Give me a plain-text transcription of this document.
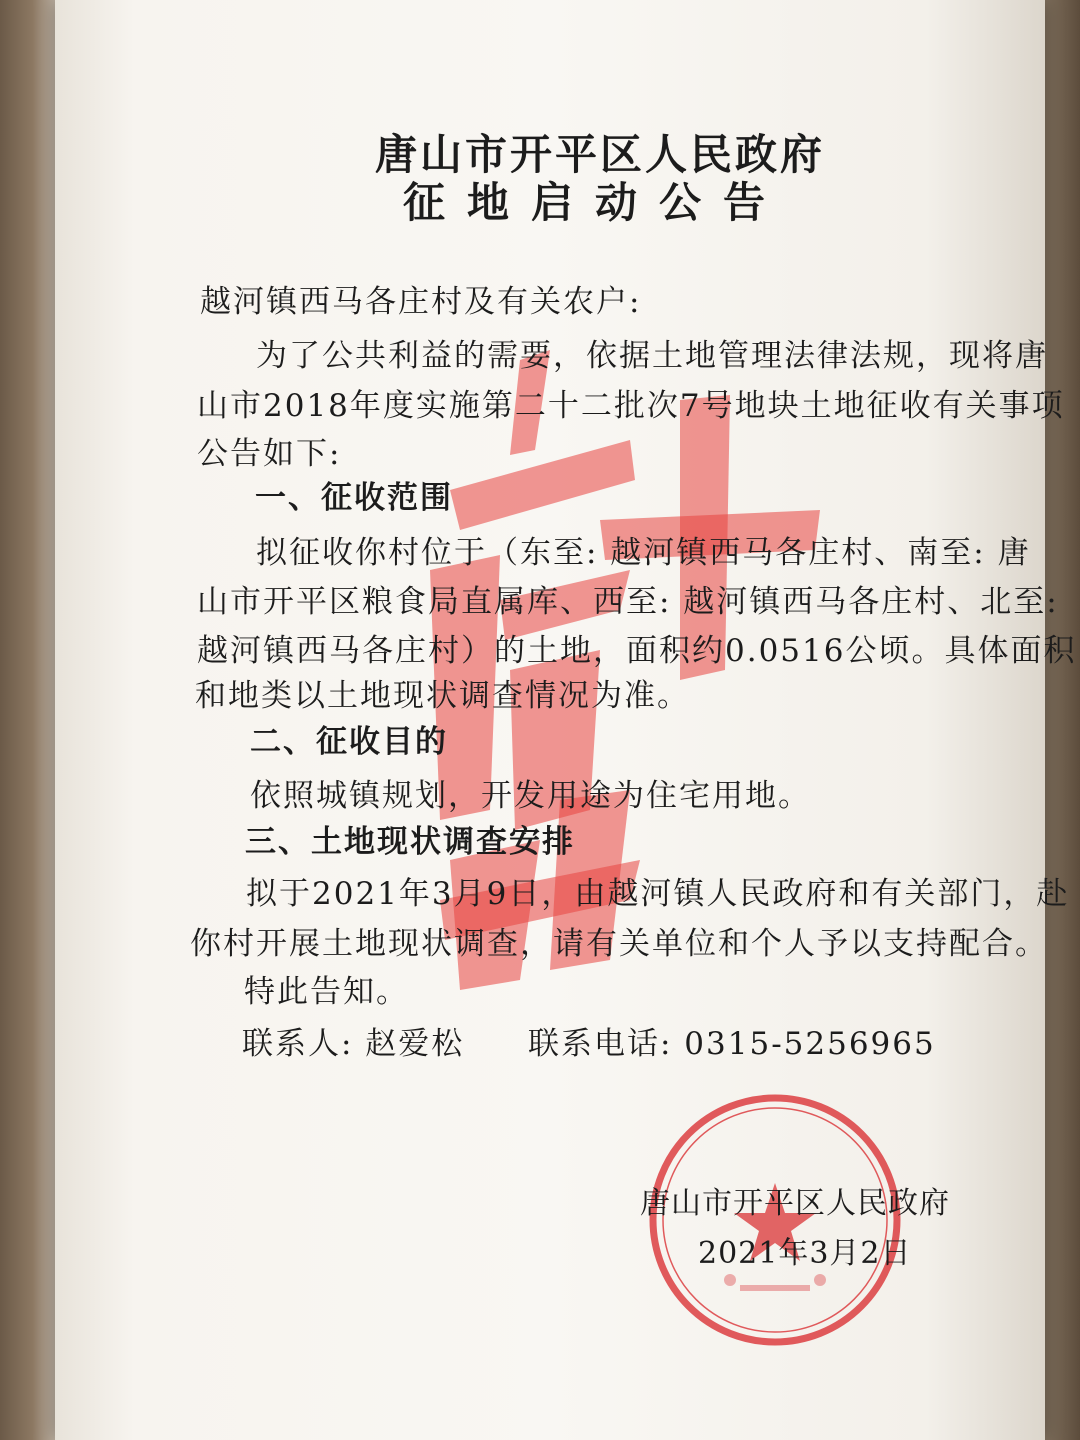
唐山市开平区人民政府
征地启动公告
越河镇西马各庄村及有关农户:
为了公共利益的需要，依据土地管理法律法规，现将唐
山市2018年度实施第二十二批次7号地块土地征收有关事项
公告如下:
一、征收范围
拟征收你村位于（东至: 越河镇西马各庄村、南至: 唐
山市开平区粮食局直属库、西至: 越河镇西马各庄村、北至:
越河镇西马各庄村）的土地，面积约0.0516公顷。具体面积
和地类以土地现状调查情况为准。
二、征收目的
依照城镇规划，开发用途为住宅用地。
三、土地现状调查安排
拟于2021年3月9日，由越河镇人民政府和有关部门，赴
你村开展土地现状调查，请有关单位和个人予以支持配合。
特此告知。
联系人: 赵爱松 联系电话: 0315-5256965
唐山市开平区人民政府
2021年3月2日
